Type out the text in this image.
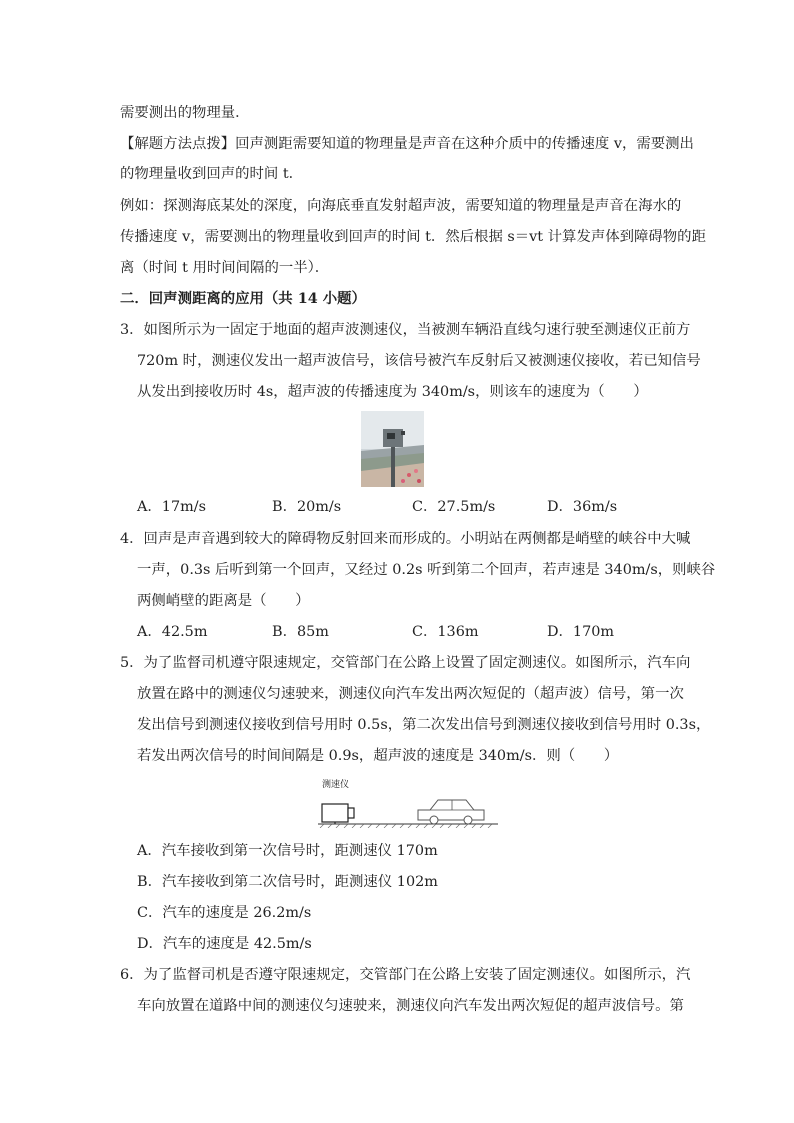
需要测出的物理量．
【解题方法点拨】回声测距需要知道的物理量是声音在这种介质中的传播速度 v，需要测出
的物理量收到回声的时间 t．
例如：探测海底某处的深度，向海底垂直发射超声波，需要知道的物理量是声音在海水的
传播速度 v，需要测出的物理量收到回声的时间 t．然后根据 s＝vt 计算发声体到障碍物的距
离（时间 t 用时间间隔的一半）．
二．回声测距离的应用（共 14 小题）
3．如图所示为一固定于地面的超声波测速仪，当被测车辆沿直线匀速行驶至测速仪正前方
720m 时，测速仪发出一超声波信号，该信号被汽车反射后又被测速仪接收，若已知信号
从发出到接收历时 4s，超声波的传播速度为 340m/s，则该车的速度为（　　）
A．17m/s	B．20m/s	C．27.5m/s	D．36m/s
4．回声是声音遇到较大的障碍物反射回来而形成的。小明站在两侧都是峭壁的峡谷中大喊
一声，0.3s 后听到第一个回声，又经过 0.2s 听到第二个回声，若声速是 340m/s，则峡谷
两侧峭壁的距离是（　　）
A．42.5m	B．85m	C．136m	D．170m
5．为了监督司机遵守限速规定，交管部门在公路上设置了固定测速仪。如图所示，汽车向
放置在路中的测速仪匀速驶来，测速仪向汽车发出两次短促的（超声波）信号，第一次
发出信号到测速仪接收到信号用时 0.5s，第二次发出信号到测速仪接收到信号用时 0.3s，
若发出两次信号的时间间隔是 0.9s，超声波的速度是 340m/s．则（　　）
测速仪
A．汽车接收到第一次信号时，距测速仪 170m
B．汽车接收到第二次信号时，距测速仪 102m
C．汽车的速度是 26.2m/s
D．汽车的速度是 42.5m/s
6．为了监督司机是否遵守限速规定，交管部门在公路上安装了固定测速仪。如图所示，汽
车向放置在道路中间的测速仪匀速驶来，测速仪向汽车发出两次短促的超声波信号。第
